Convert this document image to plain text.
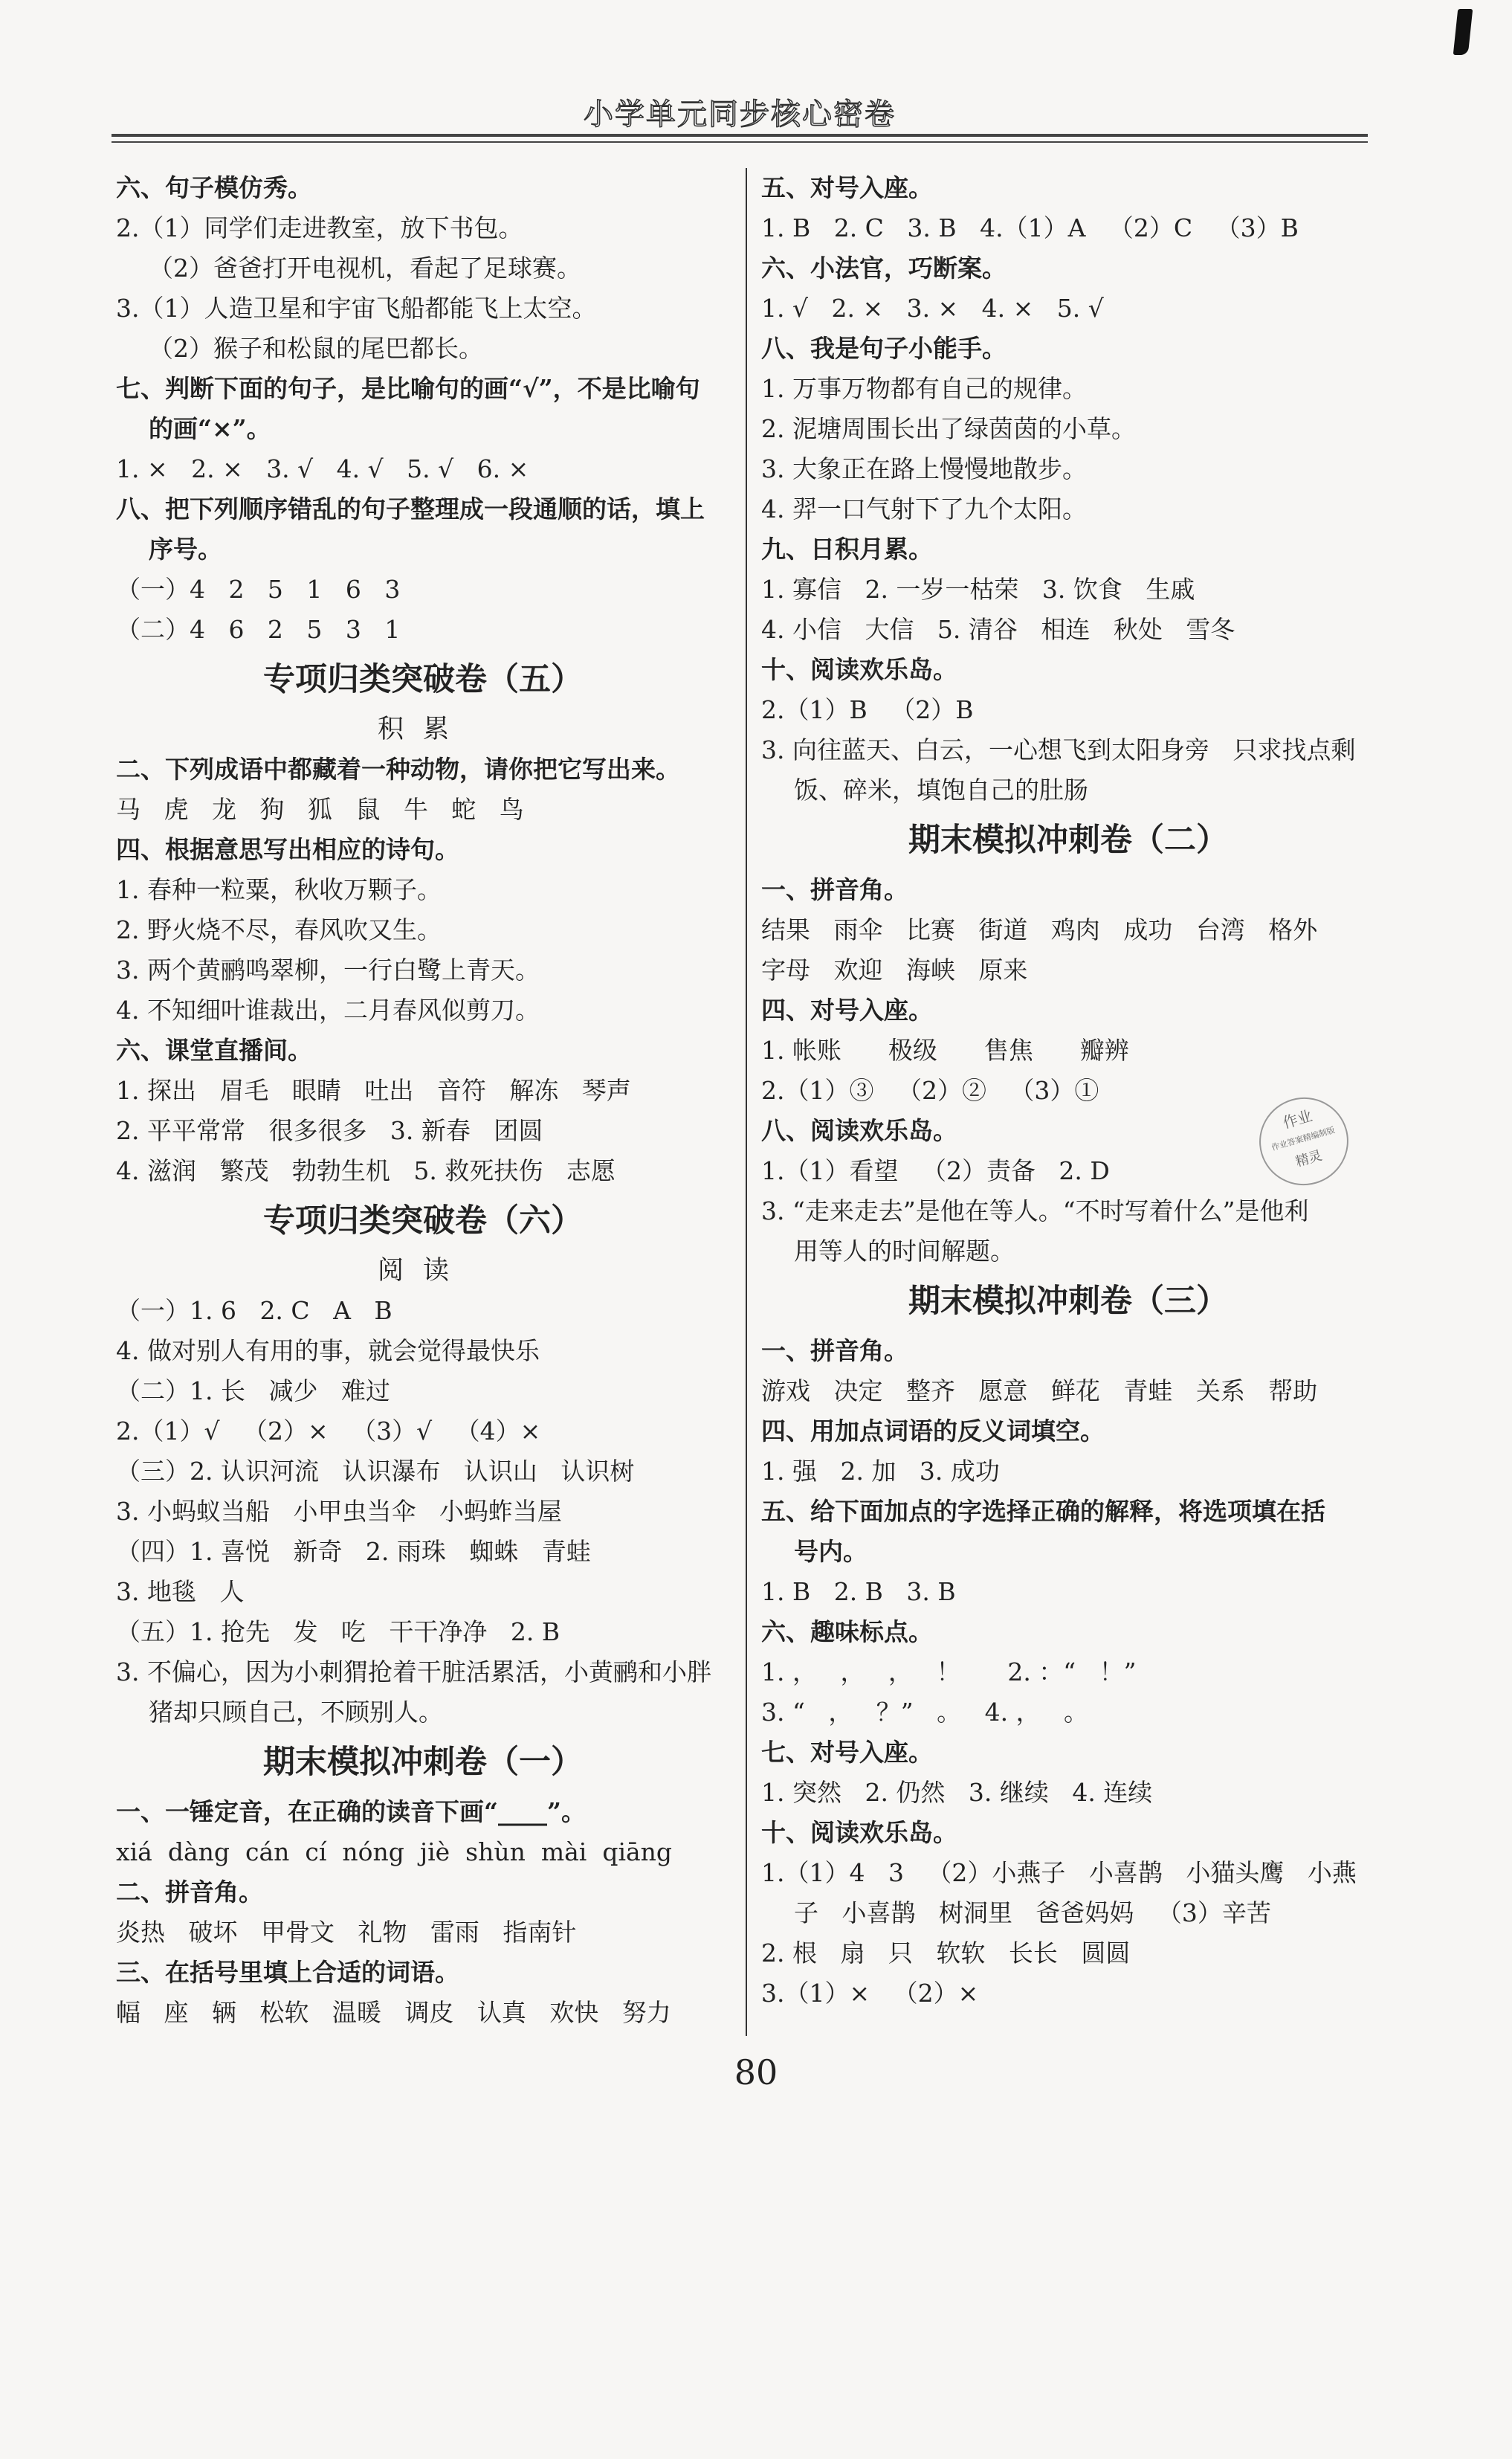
小学单元同步核心密卷
六、句子模仿秀。
2.（1）同学们走进教室，放下书包。
（2）爸爸打开电视机，看起了足球赛。
3.（1）人造卫星和宇宙飞船都能飞上太空。
（2）猴子和松鼠的尾巴都长。
七、判断下面的句子，是比喻句的画“√”，不是比喻句
的画“×”。
1. ×   2. ×   3. √   4. √   5. √   6. ×
八、把下列顺序错乱的句子整理成一段通顺的话，填上
序号。
（一）4   2   5   1   6   3
（二）4   6   2   5   3   1
专项归类突破卷（五）
积累
二、下列成语中都藏着一种动物，请你把它写出来。
马   虎   龙   狗   狐   鼠   牛   蛇   鸟
四、根据意思写出相应的诗句。
1. 春种一粒粟，秋收万颗子。
2. 野火烧不尽，春风吹又生。
3. 两个黄鹂鸣翠柳，一行白鹭上青天。
4. 不知细叶谁裁出，二月春风似剪刀。
六、课堂直播间。
1. 探出   眉毛   眼睛   吐出   音符   解冻   琴声
2. 平平常常   很多很多   3. 新春   团圆
4. 滋润   繁茂   勃勃生机   5. 救死扶伤   志愿
专项归类突破卷（六）
阅读
（一）1. 6   2. C   A   B
4. 做对别人有用的事，就会觉得最快乐
（二）1. 长   减少   难过
2.（1）√   （2）×   （3）√   （4）×
（三）2. 认识河流   认识瀑布   认识山   认识树
3. 小蚂蚁当船   小甲虫当伞   小蚂蚱当屋
（四）1. 喜悦   新奇   2. 雨珠   蜘蛛   青蛙
3. 地毯   人
（五）1. 抢先   发   吃   干干净净   2. B
3. 不偏心，因为小刺猬抢着干脏活累活，小黄鹂和小胖
猪却只顾自己，不顾别人。
期末模拟冲刺卷（一）
一、一锤定音，在正确的读音下画“____”。
xiá  dàng  cán  cí  nóng  jiè  shùn  mài  qiāng
二、拼音角。
炎热   破坏   甲骨文   礼物   雷雨   指南针
三、在括号里填上合适的词语。
幅   座   辆   松软   温暖   调皮   认真   欢快   努力
五、对号入座。
1. B   2. C   3. B   4.（1）A   （2）C   （3）B
六、小法官，巧断案。
1. √   2. ×   3. ×   4. ×   5. √
八、我是句子小能手。
1. 万事万物都有自己的规律。
2. 泥塘周围长出了绿茵茵的小草。
3. 大象正在路上慢慢地散步。
4. 羿一口气射下了九个太阳。
九、日积月累。
1. 寡信   2. 一岁一枯荣   3. 饮食   生戚
4. 小信   大信   5. 清谷   相连   秋处   雪冬
十、阅读欢乐岛。
2.（1）B   （2）B
3. 向往蓝天、白云，一心想飞到太阳身旁   只求找点剩
饭、碎米，填饱自己的肚肠
期末模拟冲刺卷（二）
一、拼音角。
结果   雨伞   比赛   街道   鸡肉   成功   台湾   格外
字母   欢迎   海峡   原来
四、对号入座。
1. 帐账      极级      售焦      瓣辨
2.（1）③   （2）②   （3）①
八、阅读欢乐岛。
1.（1）看望   （2）责备   2. D
3. “走来走去”是他在等人。“不时写着什么”是他利
用等人的时间解题。
期末模拟冲刺卷（三）
一、拼音角。
游戏   决定   整齐   愿意   鲜花   青蛙   关系   帮助
四、用加点词语的反义词填空。
1. 强   2. 加   3. 成功
五、给下面加点的字选择正确的解释，将选项填在括
号内。
1. B   2. B   3. B
六、趣味标点。
1. ，   ，   ，   ！      2. ：“   ！”
3. “   ，   ？”   。   4. ，   。
七、对号入座。
1. 突然   2. 仍然   3. 继续   4. 连续
十、阅读欢乐岛。
1.（1）4   3   （2）小燕子   小喜鹊   小猫头鹰   小燕
子   小喜鹊   树洞里   爸爸妈妈   （3）辛苦
2. 根   扇   只   软软   长长   圆圆
3.（1）×   （2）×
作业
作业答案精编制版
精灵
80
